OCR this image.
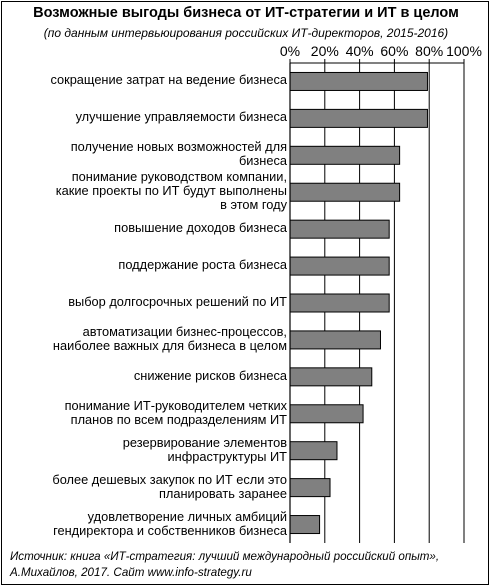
Возможные выгоды бизнеса от ИТ-стратегии и ИТ в целом
(по данным интервьюирования российских ИТ-директоров, 2015-2016)
0% 20% 40% 60% 80% 100%
сокращение затрат на ведение бизнеса
улучшение управляемости бизнеса
получение новых возможностей для
бизнеса
понимание руководством компании,
какие проекты по ИТ будут выполнены
в этом году
повышение доходов бизнеса
поддержание роста бизнеса
выбор долгосрочных решений по ИТ
автоматизации бизнес-процессов,
наиболее важных для бизнеса в целом
снижение рисков бизнеса
понимание ИТ-руководителем четких
планов по всем подразделениям ИТ
резервирование элементов
инфраструктуры ИТ
более дешевых закупок по ИТ если это
планировать заранее
удовлетворение личных амбиций
гендиректора и собственников бизнеса
Источник: книга «ИТ-стратегия: лучший международный российский опыт»,
А.Михайлов, 2017. Сайт www.info-strategy.ru
